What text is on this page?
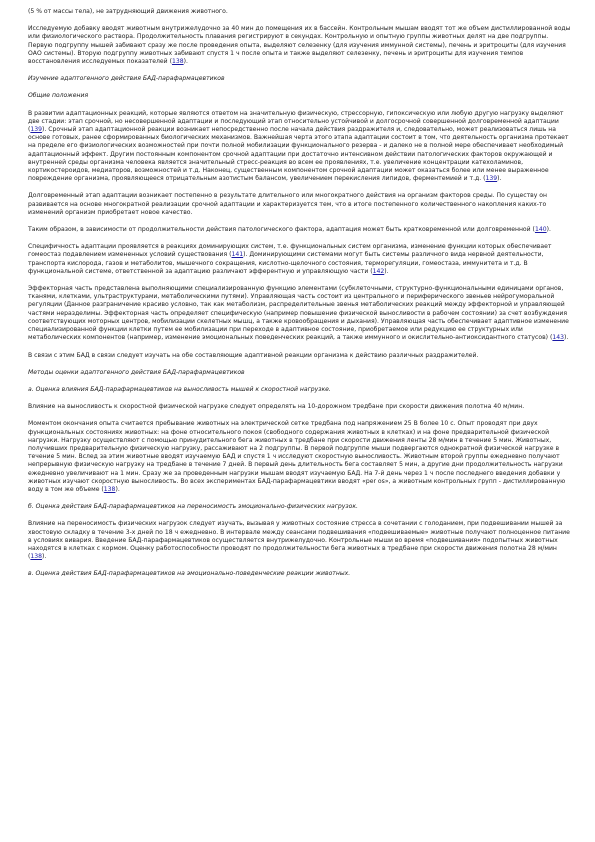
(5 % от массы тела), не затрудняющий движения животного.

Исследуемую добавку вводят животным внутрижелудочно за 40 мин до помещения их в бассейн. Контрольным мышам вводят тот же объем дистиллированной воды или физиологического раствора. Продолжительность плавания регистрируют в секундах. Контрольную и опытную группы животных делят на две подгруппы. Первую подгруппу мышей забивают сразу же после проведения опыта, выделяют селезенку (для изучения иммунной системы), печень и эритроциты (для изучения ОАО системы). Вторую подгруппу животных забивают спустя 1 ч после опыта и также выделяют селезенку, печень и эритроциты для изучения темпов восстановления исследуемых показателей (138).

Изучение адаптогенного действия БАД-парафармацевтиков

Общие положения

В развитии адаптационных реакций, которые являются ответом на значительную физическую, стрессорную, гипоксическую или любую другую нагрузку выделяют две стадии: этап срочной, но несовершенной адаптации и последующий этап относительно устойчивой и долгосрочной совершенной долговременной адаптации (139). Срочный этап адаптационной реакции возникает непосредственно после начала действия раздражителя и, следовательно, может реализоваться лишь на основе готовых, ранее сформированных биологических механизмов. Важнейшая черта этого этапа адаптации состоит в том, что деятельность организма протекает на пределе его физиологических возможностей при почти полной мобилизации функционального резерва - и далеко не в полной мере обеспечивает необходимый адаптационный эффект. Другим постоянным компонентом срочной адаптации при достаточно интенсивном действии патологических факторов окружающей и внутренней среды организма человека является значительный стресс-реакция во всем ее проявлениях, т.е. увеличение концентрации катехоламинов, кортикостероидов, медиаторов, возможностей и т.д. Наконец, существенным компонентом срочной адаптации может оказаться более или менее выраженное повреждение организма, проявляющееся отрицательным азотистым балансом, увеличением перекисления липидов, ферментемией и т.д. (139).

Долговременный этап адаптации возникает постепенно в результате длительного или многократного действия на организм факторов среды. По существу он развивается на основе многократной реализации срочной адаптации и характеризуется тем, что в итоге постепенного количественного накопления каких-то изменений организм приобретает новое качество.

Таким образом, в зависимости от продолжительности действия патологического фактора, адаптация может быть кратковременной или долговременной (140).

Специфичность адаптации проявляется в реакциях доминирующих систем, т.е. функциональных систем организма, изменение функции которых обеспечивает гомеостаз подавлением измененных условий существования (141). Доминирующими системами могут быть системы различного вида нервной деятельности, транспорта кислорода, газов и метаболитов, мышечного сокращения, кислотно-щелочного состояния, терморегуляции, гомеостаза, иммунитета и т.д. В функциональной системе, ответственной за адаптацию различают эфферентную и управляющую части (142).

Эффекторная часть представлена выполняющими специализированную функцию элементами (субклеточными, структурно-функциональными единицами органов, тканями, клетками, ультраструктурами, метаболическими путями). Управляющая часть состоит из центрального и периферического звеньев нейрогуморальной регуляции (Данное разграничение красиво условно, так как метаболизм, распределительные звенья метаболических реакций между эффекторной и управляющей частями неразделимы. Эффекторная часть определяет специфическую (например повышение физической выносливости в рабочем состоянии) за счет возбуждения соответствующих моторных центров, мобилизации скелетных мышц, а также кровообращения и дыхания). Управляющая часть обеспечивает адаптивное изменение специализированной функции клетки путем ее мобилизации при переходе в адаптивное состояние, приобретаемое или редукцию ее структурных или метаболических компонентов (например, изменение эмоциональных поведенческих реакций, а также иммунного и окислительно-антиоксидантного статусов) (143).

В связи с этим БАД в связи следует изучать на обе составляющие адаптивной реакции организма к действию различных раздражителей.

Методы оценки адаптогенного действия БАД-парафармацевтиков

а. Оценка влияния БАД-парафармацевтиков на выносливость мышей к скоростной нагрузке.

Влияние на выносливость к скоростной физической нагрузке следует определять на 10-дорожном тредбане при скорости движения полотна 40 м/мин.

Моментом окончания опыта считается пребывание животных на электрической сетке тредбана под напряжением 25 В более 10 с. Опыт проводят при двух функциональных состояниях животных: на фоне относительного покоя (свободного содержания животных в клетках) и на фоне предварительной физической нагрузки. Нагрузку осуществляют с помощью принудительного бега животных в тредбане при скорости движения ленты 28 м/мин в течение 5 мин. Животных, получивших предварительную физическую нагрузку, рассаживают на 2 подгруппы. В первой подгруппе мыши подвергаются однократной физической нагрузке в течение 5 мин. Вслед за этим животные вводят изучаемую БАД и спустя 1 ч исследуют скоростную выносливость. Животным второй группы ежедневно получают непрерывную физическую нагрузку на тредбане в течение 7 дней. В первый день длительность бега составляет 5 мин, а другие дни продолжительность нагрузки ежедневно увеличивают на 1 мин. Сразу же за проведенным нагрузки мышам вводят изучаемую БАД. На 7-й день через 1 ч после последнего введения добавки у животных изучают скоростную выносливость. Во всех экспериментах БАД-парафармацевтики вводят «per os», а животным контрольных групп - дистиллированную воду в том же объеме (138).

б. Оценка действия БАД-парафармацевтиков на переносимость эмоционально-физических нагрузок.

Влияние на переносимость физических нагрузок следует изучать, вызывая у животных состояние стресса в сочетании с голоданием, при подвешивании мышей за хвостовую складку в течение 3-х дней по 18 ч ежедневно. В интервале между сеансами подвешивания «подвешиваемые» животные получают полноценное питание в условиях вивария. Введение БАД-парафармацевтиков осуществляется внутрижелудочно. Контрольные мыши во время «подвешивания» подопытных животных находятся в клетках с кормом. Оценку работоспособности проводят по продолжительности бега животных в тредбане при скорости движения полотна 28 м/мин (138).

в. Оценка действия БАД-парафармацевтиков на эмоционально-поведенческие реакции животных.
